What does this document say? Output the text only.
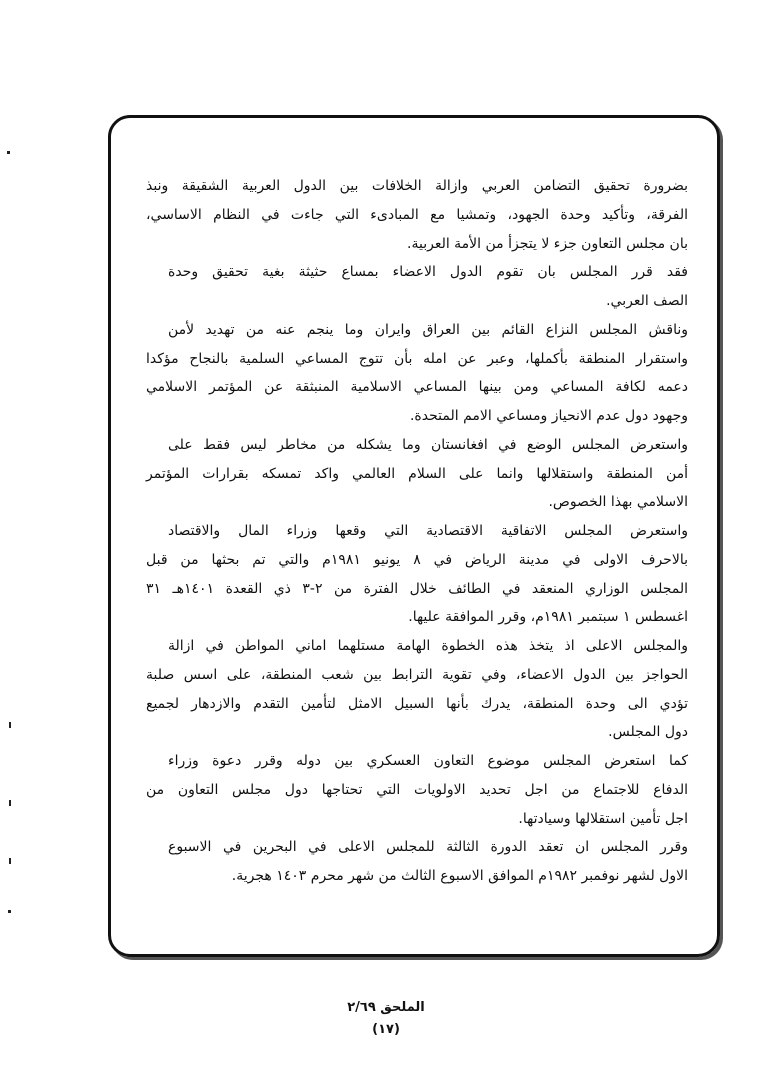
بضرورة تحقيق التضامن العربي وازالة الخلافات بين الدول العربية الشقيقة ونبذ
الفرقة، وتأكيد وحدة الجهود، وتمشيا مع المبادىء التي جاءت في النظام الاساسي،
بان مجلس التعاون جزء لا يتجزأ من الأمة العربية.
فقد قرر المجلس بان تقوم الدول الاعضاء بمساع حثيثة بغية تحقيق وحدة
الصف العربي.
وناقش المجلس النزاع القائم بين العراق وايران وما ينجم عنه من تهديد لأمن
واستقرار المنطقة بأكملها، وعبر عن امله بأن تتوج المساعي السلمية بالنجاح مؤكدا
دعمه لكافة المساعي ومن بينها المساعي الاسلامية المنبثقة عن المؤتمر الاسلامي
وجهود دول عدم الانحياز ومساعي الامم المتحدة.
واستعرض المجلس الوضع في افغانستان وما يشكله من مخاطر ليس فقط على
أمن المنطقة واستقلالها وانما على السلام العالمي واكد تمسكه بقرارات المؤتمر
الاسلامي بهذا الخصوص.
واستعرض المجلس الاتفاقية الاقتصادية التي وقعها وزراء المال والاقتصاد
بالاحرف الاولى في مدينة الرياض في ٨ يونيو ١٩٨١م والتي تم بحثها من قبل
المجلس الوزاري المنعقد في الطائف خلال الفترة من ٢-٣ ذي القعدة ١٤٠١هـ ٣١
اغسطس ١ سبتمبر ١٩٨١م، وقرر الموافقة عليها.
والمجلس الاعلى اذ يتخذ هذه الخطوة الهامة مستلهما اماني المواطن في ازالة
الحواجز بين الدول الاعضاء، وفي تقوية الترابط بين شعب المنطقة، على اسس صلبة
تؤدي الى وحدة المنطقة، يدرك بأنها السبيل الامثل لتأمين التقدم والازدهار لجميع
دول المجلس.
كما استعرض المجلس موضوع التعاون العسكري بين دوله وقرر دعوة وزراء
الدفاع للاجتماع من اجل تحديد الاولويات التي تحتاجها دول مجلس التعاون من
اجل تأمين استقلالها وسيادتها.
وقرر المجلس ان تعقد الدورة الثالثة للمجلس الاعلى في البحرين في الاسبوع
الاول لشهر نوفمبر ١٩٨٢م الموافق الاسبوع الثالث من شهر محرم ١٤٠٣ هجرية.
الملحق ٢/٦٩
(١٧)
